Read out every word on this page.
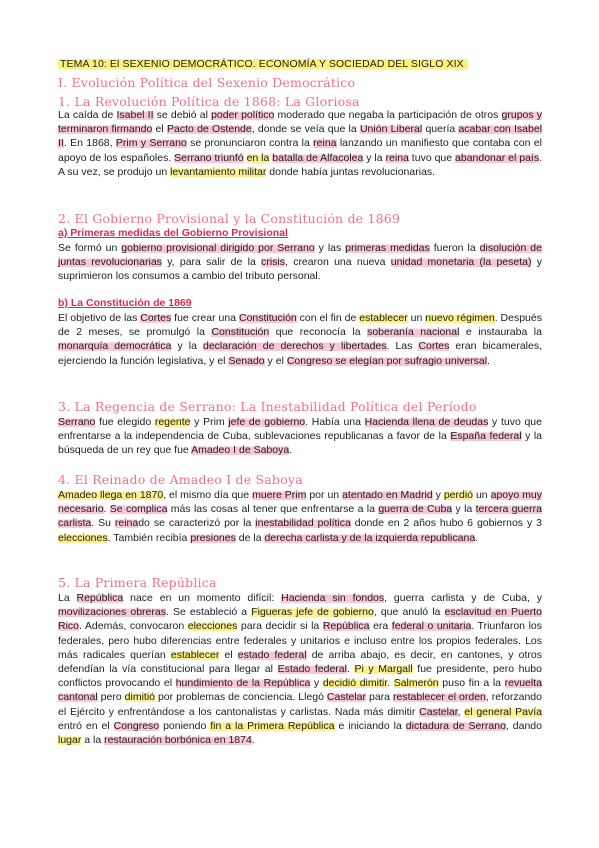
TEMA 10: El SEXENIO DEMOCRÁTICO. ECONOMÍA Y SOCIEDAD DEL SIGLO XIX
I. Evolución Política del Sexenio Democrático
1. La Revolución Política de 1868: La Gloriosa
La caída de Isabel II se debió al poder político moderado que negaba la participación de otros grupos y terminaron firmando el Pacto de Ostende, donde se veía que la Unión Liberal quería acabar con Isabel II. En 1868, Prim y Serrano se pronunciaron contra la reina lanzando un manifiesto que contaba con el apoyo de los españoles. Serrano triunfó en la batalla de Alfacolea y la reina tuvo que abandonar el país. A su vez, se produjo un levantamiento militar donde había juntas revolucionarias.
2. El Gobierno Provisional y la Constitución de 1869
a) Primeras medidas del Gobierno Provisional
Se formó un gobierno provisional dirigido por Serrano y las primeras medidas fueron la disolución de juntas revolucionarias y, para salir de la crisis, crearon una nueva unidad monetaria (la peseta) y suprimieron los consumos a cambio del tributo personal.
b) La Constitución de 1869
El objetivo de las Cortes fue crear una Constitución con el fin de establecer un nuevo régimen. Después de 2 meses, se promulgó la Constitución que reconocía la soberanía nacional e instauraba la monarquía democrática y la declaración de derechos y libertades. Las Cortes eran bicamerales, ejerciendo la función legislativa, y el Senado y el Congreso se elegían por sufragio universal.
3. La Regencia de Serrano: La Inestabilidad Política del Período
Serrano fue elegido regente y Prim jefe de gobierno. Había una Hacienda llena de deudas y tuvo que enfrentarse a la independencia de Cuba, sublevaciones republicanas a favor de la España federal y la búsqueda de un rey que fue Amadeo I de Saboya.
4. El Reinado de Amadeo I de Saboya
Amadeo llega en 1870, el mismo día que muere Prim por un atentado en Madrid y perdió un apoyo muy necesario. Se complica más las cosas al tener que enfrentarse a la guerra de Cuba y la tercera guerra carlista. Su reinado se caracterizó por la inestabilidad política donde en 2 años hubo 6 gobiernos y 3 elecciones. También recibía presiones de la derecha carlista y de la izquierda republicana.
5. La Primera República
La República nace en un momento difícil: Hacienda sin fondos, guerra carlista y de Cuba, y movilizaciones obreras. Se estableció a Figueras jefe de gobierno, que anuló la esclavitud en Puerto Rico. Además, convocaron elecciones para decidir si la República era federal o unitaria. Triunfaron los federales, pero hubo diferencias entre federales y unitarios e incluso entre los propios federales. Los más radicales querían establecer el estado federal de arriba abajo, es decir, en cantones, y otros defendían la vía constitucional para llegar al Estado federal. Pi y Margall fue presidente, pero hubo conflictos provocando el hundimiento de la República y decidió dimitir. Salmerón puso fin a la revuelta cantonal pero dimitió por problemas de conciencia. Llegó Castelar para restablecer el orden, reforzando el Ejército y enfrentándose a los cantonalistas y carlistas. Nada más dimitir Castelar, el general Pavía entró en el Congreso poniendo fin a la Primera República e iniciando la dictadura de Serrano, dando lugar a la restauración borbónica en 1874.
